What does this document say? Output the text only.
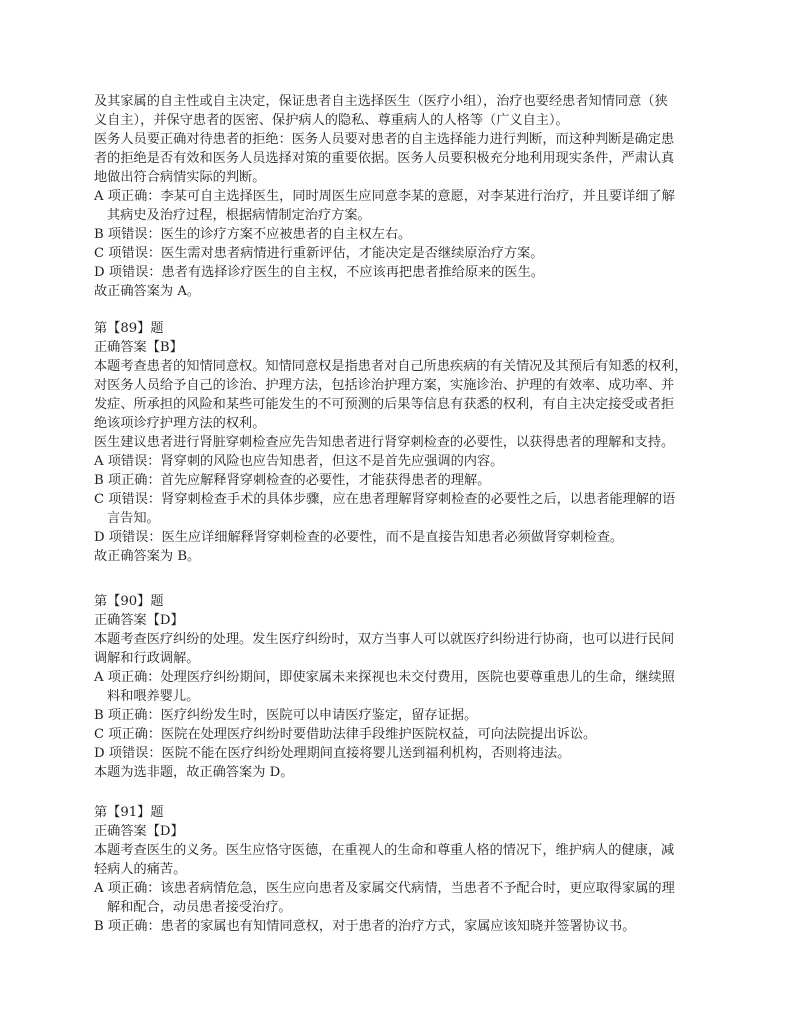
及其家属的自主性或自主决定，保证患者自主选择医生（医疗小组），治疗也要经患者知情同意（狭
义自主），并保守患者的医密、保护病人的隐私、尊重病人的人格等（广义自主）。
医务人员要正确对待患者的拒绝：医务人员要对患者的自主选择能力进行判断，而这种判断是确定患
者的拒绝是否有效和医务人员选择对策的重要依据。医务人员要积极充分地利用现实条件，严肃认真
地做出符合病情实际的判断。
A 项正确：李某可自主选择医生，同时周医生应同意李某的意愿，对李某进行治疗，并且要详细了解
其病史及治疗过程，根据病情制定治疗方案。
B 项错误：医生的诊疗方案不应被患者的自主权左右。
C 项错误：医生需对患者病情进行重新评估，才能决定是否继续原治疗方案。
D 项错误：患者有选择诊疗医生的自主权，不应该再把患者推给原来的医生。
故正确答案为 A。
第【89】题
正确答案【B】
本题考查患者的知情同意权。知情同意权是指患者对自己所患疾病的有关情况及其预后有知悉的权利，
对医务人员给予自己的诊治、护理方法，包括诊治护理方案，实施诊治、护理的有效率、成功率、并
发症、所承担的风险和某些可能发生的不可预测的后果等信息有获悉的权利，有自主决定接受或者拒
绝该项诊疗护理方法的权利。
医生建议患者进行肾脏穿刺检查应先告知患者进行肾穿刺检查的必要性，以获得患者的理解和支持。
A 项错误：肾穿刺的风险也应告知患者，但这不是首先应强调的内容。
B 项正确：首先应解释肾穿刺检查的必要性，才能获得患者的理解。
C 项错误：肾穿刺检查手术的具体步骤，应在患者理解肾穿刺检查的必要性之后，以患者能理解的语
言告知。
D 项错误：医生应详细解释肾穿刺检查的必要性，而不是直接告知患者必须做肾穿刺检查。
故正确答案为 B。
第【90】题
正确答案【D】
本题考查医疗纠纷的处理。发生医疗纠纷时，双方当事人可以就医疗纠纷进行协商，也可以进行民间
调解和行政调解。
A 项正确：处理医疗纠纷期间，即使家属未来探视也未交付费用，医院也要尊重患儿的生命，继续照
料和喂养婴儿。
B 项正确：医疗纠纷发生时，医院可以申请医疗鉴定，留存证据。
C 项正确：医院在处理医疗纠纷时要借助法律手段维护医院权益，可向法院提出诉讼。
D 项错误：医院不能在医疗纠纷处理期间直接将婴儿送到福利机构，否则将违法。
本题为选非题，故正确答案为 D。
第【91】题
正确答案【D】
本题考查医生的义务。医生应恪守医德，在重视人的生命和尊重人格的情况下，维护病人的健康，减
轻病人的痛苦。
A 项正确：该患者病情危急，医生应向患者及家属交代病情，当患者不予配合时，更应取得家属的理
解和配合，动员患者接受治疗。
B 项正确：患者的家属也有知情同意权，对于患者的治疗方式，家属应该知晓并签署协议书。
